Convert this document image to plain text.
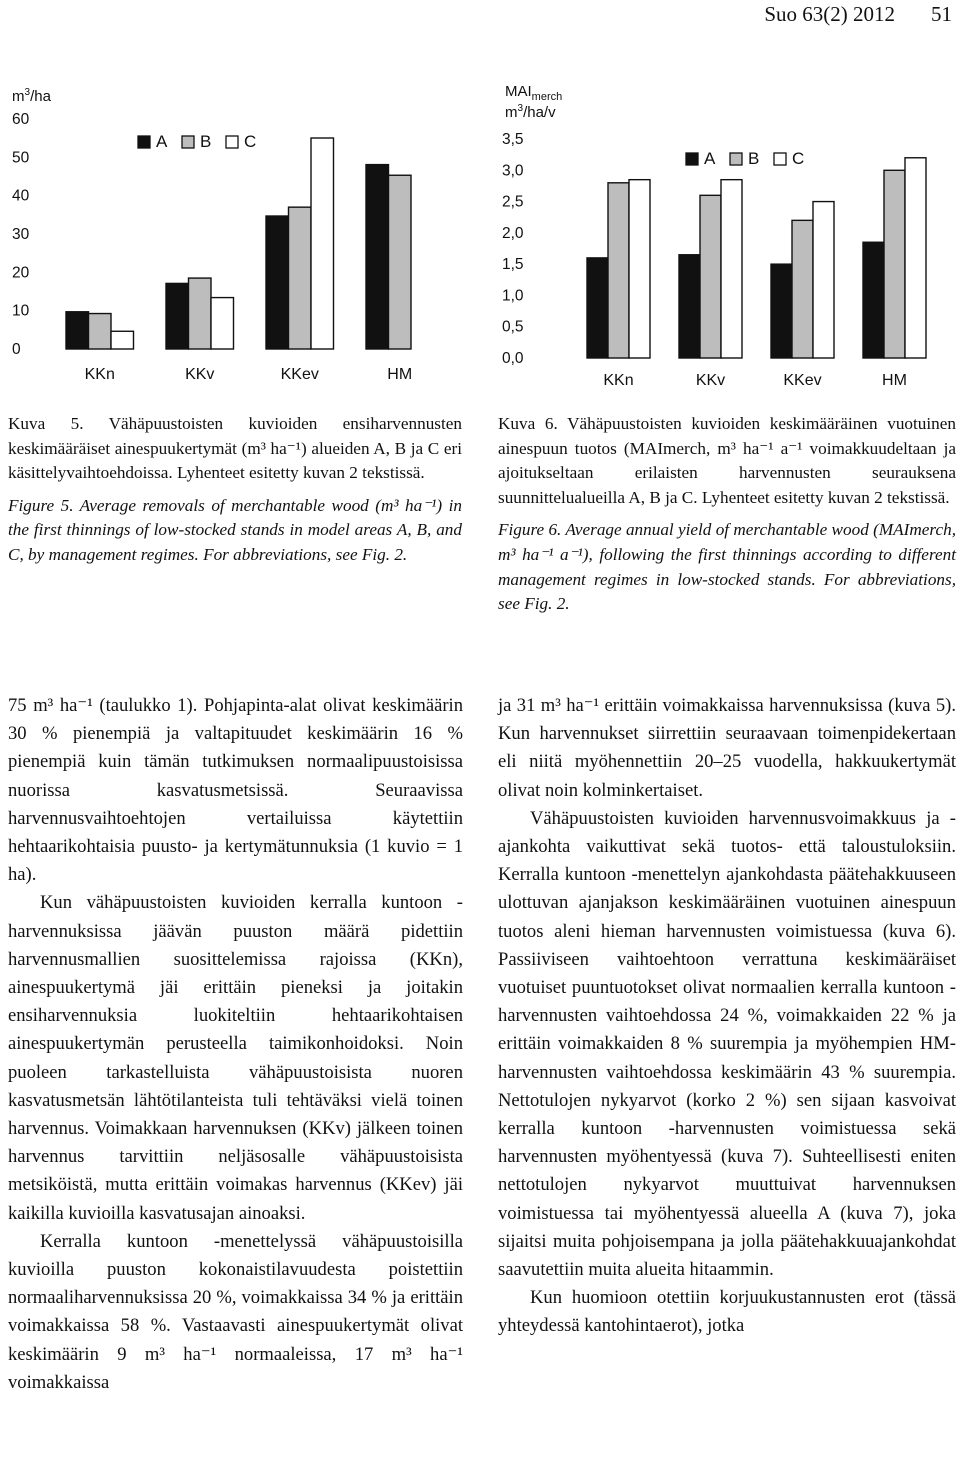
Suo 63(2) 2012 51
$m^3/ha$
60
50
40
30
20
10
0
KKn	KKv	KKev	HM
A B C
$MAI_{merch}$
$m^3/ha/v$
3,5
3,0
2,5
2,0
1,5
1,0
0,5
0,0
KKn	KKv	KKev	HM
A B C
Kuva 5. Vähäpuustoisten kuvioiden ensiharvennusten keskimääräiset ainespuukertymät (m³ ha⁻¹) alueiden A, B ja C eri käsittelyvaihtoehdoissa. Lyhenteet esitetty kuvan 2 tekstissä.
Figure 5. Average removals of merchantable wood (m³ ha⁻¹) in the first thinnings of low-stocked stands in model areas A, B, and C, by management regimes. For abbreviations, see Fig. 2.
Kuva 6. Vähäpuustoisten kuvioiden keskimääräinen vuotuinen ainespuun tuotos (MAImerch, m³ ha⁻¹ a⁻¹ voimakkuudeltaan ja ajoitukseltaan erilaisten harvennusten seurauksena suunnittelualueilla A, B ja C. Lyhenteet esitetty kuvan 2 tekstissä.
Figure 6. Average annual yield of merchantable wood (MAImerch, m³ ha⁻¹ a⁻¹), following the first thinnings according to different management regimes in low-stocked stands. For abbreviations, see Fig. 2.

75 m³ ha⁻¹ (taulukko 1). Pohjapinta-alat olivat keskimäärin 30 % pienempiä ja valtapituudet keskimäärin 16 % pienempiä kuin tämän tutkimuksen normaalipuustoisissa nuorissa kasvatusmetsissä. Seuraavissa harvennusvaihtoehtojen vertailuissa käytettiin hehtaarikohtaisia puusto- ja kertymätunnuksia (1 kuvio = 1 ha).

Kun vähäpuustoisten kuvioiden kerralla kuntoon -harvennuksissa jäävän puuston määrä pidettiin harvennusmallien suosittelemissa rajoissa (KKn), ainespuukertymä jäi erittäin pieneksi ja joitakin ensiharvennuksia luokiteltiin hehtaarikohtaisen ainespuukertymän perusteella taimikonhoidoksi. Noin puoleen tarkastelluista vähäpuustoisista nuoren kasvatusmetsän lähtötilanteista tuli tehtäväksi vielä toinen harvennus. Voimakkaan harvennuksen (KKv) jälkeen toinen harvennus tarvittiin neljäsosalle vähäpuustoisista metsiköistä, mutta erittäin voimakas harvennus (KKev) jäi kaikilla kuvioilla kasvatusajan ainoaksi.

Kerralla kuntoon -menettelyssä vähäpuustoisilla kuvioilla puuston kokonaistilavuudesta poistettiin normaaliharvennuksissa 20 %, voimakkaissa 34 % ja erittäin voimakkaissa 58 %. Vastaavasti ainespuukertymät olivat keskimäärin 9 m³ ha⁻¹ normaaleissa, 17 m³ ha⁻¹ voimakkaissa

ja 31 m³ ha⁻¹ erittäin voimakkaissa harvennuksissa (kuva 5). Kun harvennukset siirrettiin seuraavaan toimenpidekertaan eli niitä myöhennettiin 20–25 vuodella, hakkuukertymät olivat noin kolminkertaiset.

Vähäpuustoisten kuvioiden harvennusvoimakkuus ja -ajankohta vaikuttivat sekä tuotos- että taloustuloksiin. Kerralla kuntoon -menettelyn ajankohdasta päätehakkuuseen ulottuvan ajanjakson keskimääräinen vuotuinen ainespuun tuotos aleni hieman harvennusten voimistuessa (kuva 6). Passiiviseen vaihtoehtoon verrattuna keskimääräiset vuotuiset puuntuotokset olivat normaalien kerralla kuntoon -harvennusten vaihtoehdossa 24 %, voimakkaiden 22 % ja erittäin voimakkaiden 8 % suurempia ja myöhempien HM-harvennusten vaihtoehdossa keskimäärin 43 % suurempia. Nettotulojen nykyarvot (korko 2 %) sen sijaan kasvoivat kerralla kuntoon -harvennusten voimistuessa sekä harvennusten myöhentyessä (kuva 7). Suhteellisesti eniten nettotulojen nykyarvot muuttuivat harvennuksen voimistuessa tai myöhentyessä alueella A (kuva 7), joka sijaitsi muita pohjoisempana ja jolla päätehakkuuajankohdat saavutettiin muita alueita hitaammin.

Kun huomioon otettiin korjuukustannusten erot (tässä yhteydessä kantohintaerot), jotka
